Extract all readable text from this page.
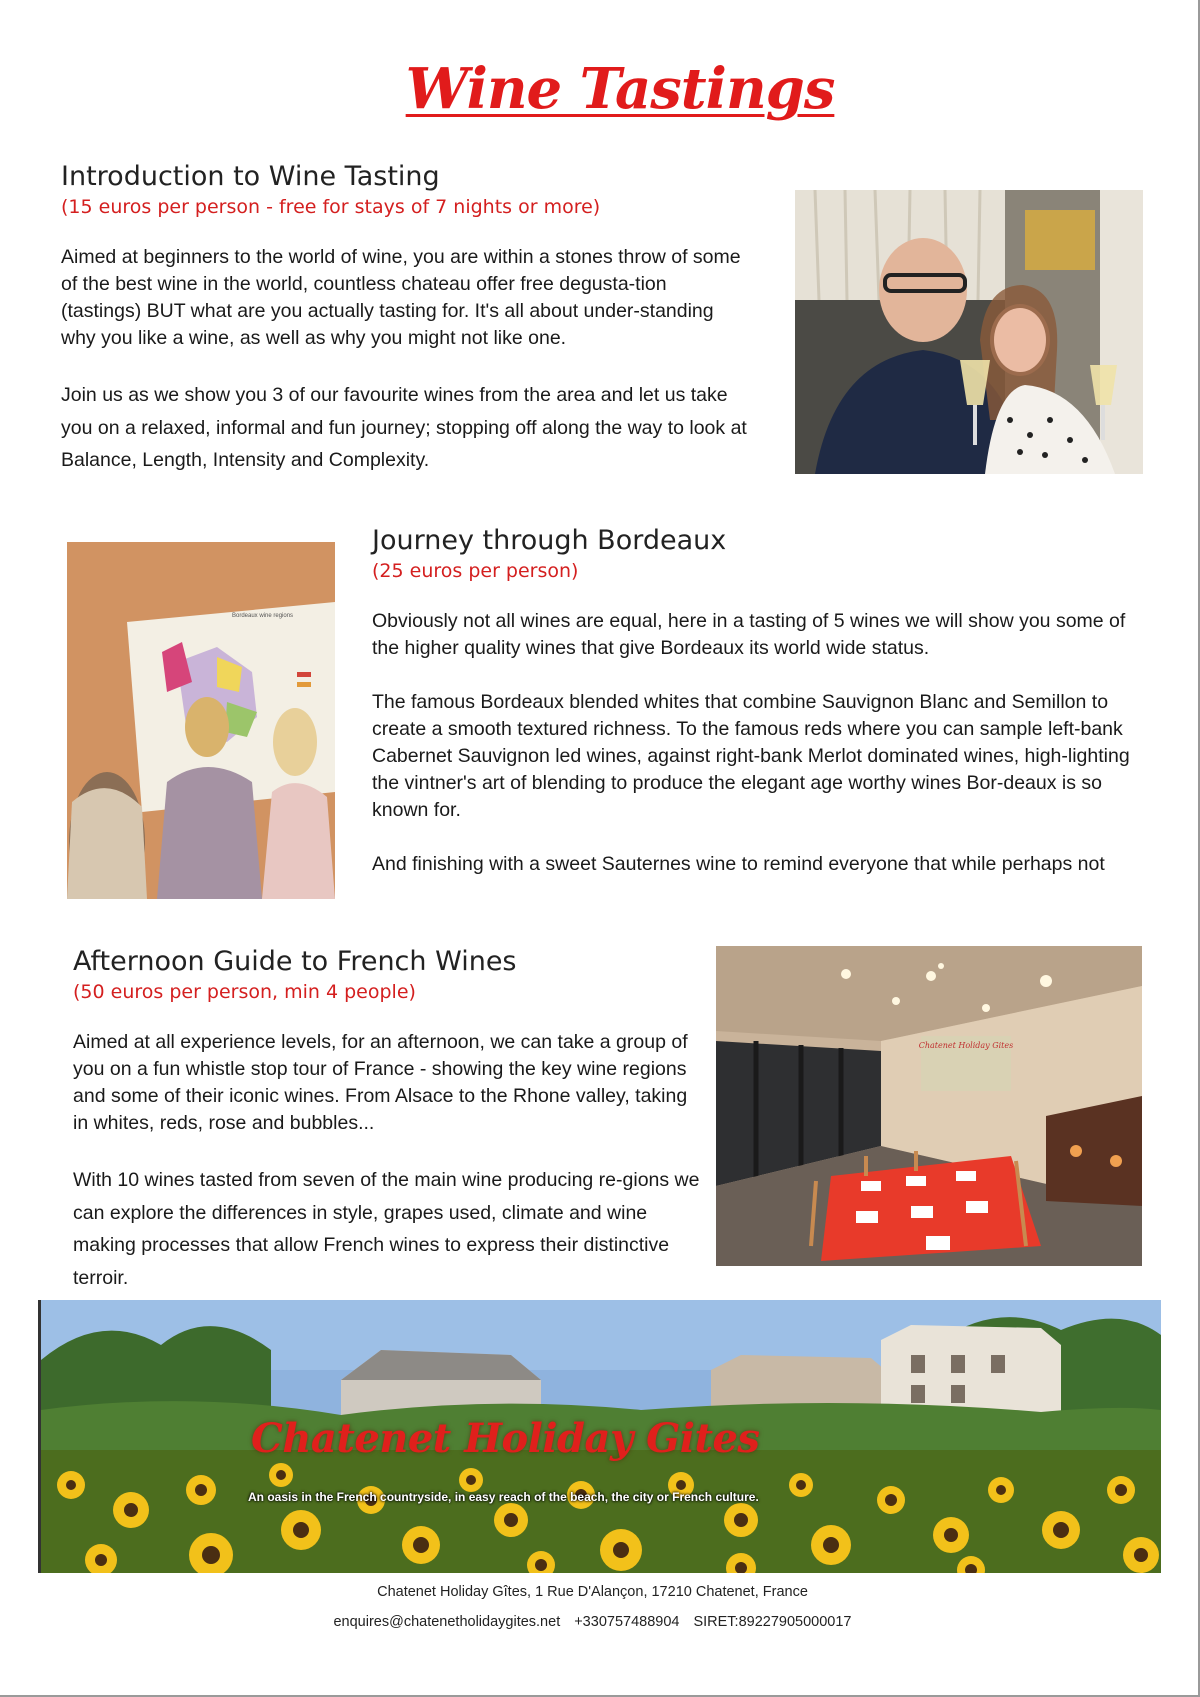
Wine Tastings
Introduction to Wine Tasting

(15 euros per person - free for stays of 7 nights or more)

Aimed at beginners to the world of wine, you are within a stones throw of some of the best wine in the world, countless chateau offer free degusta-tion (tastings) BUT what are you actually tasting for. It's all about under-standing why you like a wine, as well as why you might not like one.

Join us as we show you 3 of our favourite wines from the area and let us take you on a relaxed, informal and fun journey; stopping off along the way to look at Balance, Length, Intensity and Complexity.

Bordeaux wine regions
Journey through Bordeaux

(25 euros per person)

Obviously not all wines are equal, here in a tasting of 5 wines we will show you some of the higher quality wines that give Bordeaux its world wide status.

The famous Bordeaux blended whites that combine Sauvignon Blanc and Semillon to create a smooth textured richness. To the famous reds where you can sample left-bank Cabernet Sauvignon led wines, against right-bank Merlot dominated wines, high-lighting the vintner's art of blending to produce the elegant age worthy wines Bor-deaux is so known for.

And finishing with a sweet Sauternes wine to remind everyone that while perhaps not

Afternoon Guide to French Wines

(50 euros per person, min 4 people)

Aimed at all experience levels, for an afternoon, we can take a group of you on a fun whistle stop tour of France - showing the key wine regions and some of their iconic wines. From Alsace to the Rhone valley, taking in whites, reds, rose and bubbles...

With 10 wines tasted from seven of the main wine producing re-gions we can explore the differences in style, grapes used, climate and wine making processes that allow French wines to express their distinctive terroir.

Chatenet Holiday Gites
Chatenet Holiday Gites
An oasis in the French countryside, in easy reach of the beach, the city or French culture.
Chatenet Holiday Gîtes, 1 Rue D'Alançon, 17210 Chatenet, France
enquires@chatenetholidaygites.net +330757488904 SIRET:89227905000017
